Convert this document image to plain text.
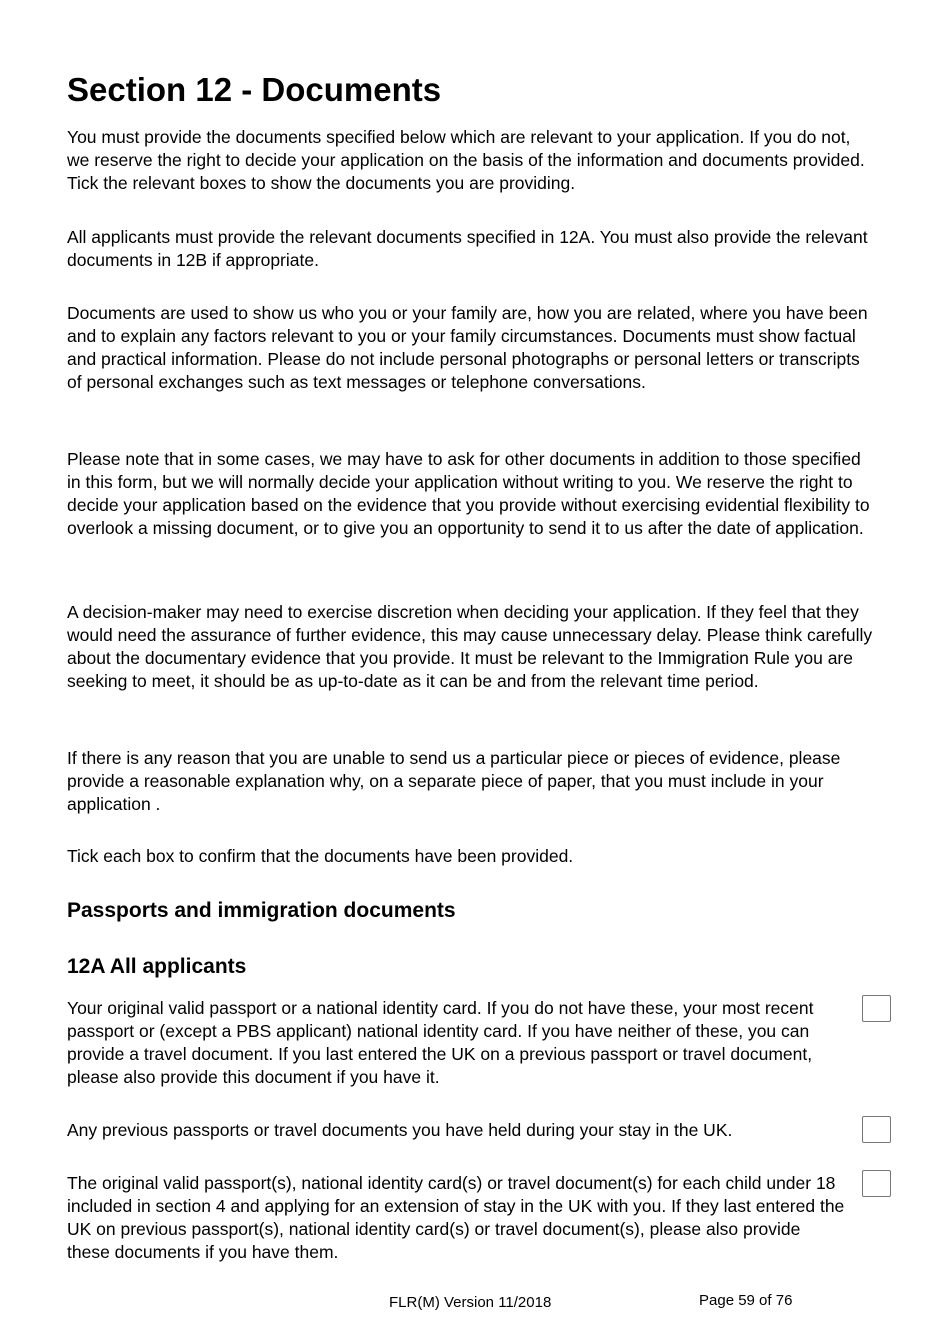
Section 12 - Documents

You must provide the documents specified below which are relevant to your application. If you do not, we reserve the right to decide your application on the basis of the information and documents provided. Tick the relevant boxes to show the documents you are providing.

All applicants must provide the relevant documents specified in 12A. You must also provide the relevant documents in 12B if appropriate.

Documents are used to show us who you or your family are, how you are related, where you have been and to explain any factors relevant to you or your family circumstances. Documents must show factual and practical information. Please do not include personal photographs or personal letters or transcripts of personal exchanges such as text messages or telephone conversations.

Please note that in some cases, we may have to ask for other documents in addition to those specified in this form, but we will normally decide your application without writing to you. We reserve the right to decide your application based on the evidence that you provide without exercising evidential flexibility to overlook a missing document, or to give you an opportunity to send it to us after the date of application.

A decision-maker may need to exercise discretion when deciding your application. If they feel that they would need the assurance of further evidence, this may cause unnecessary delay. Please think carefully about the documentary evidence that you provide. It must be relevant to the Immigration Rule you are seeking to meet, it should be as up-to-date as it can be and from the relevant time period.

If there is any reason that you are unable to send us a particular piece or pieces of evidence, please provide a reasonable explanation why, on a separate piece of paper, that you must include in your application .

Tick each box to confirm that the documents have been provided.

Passports and immigration documents
12A All applicants

Your original valid passport or a national identity card. If you do not have these, your most recent passport or (except a PBS applicant) national identity card. If you have neither of these, you can provide a travel document. If you last entered the UK on a previous passport or travel document, please also provide this document if you have it.

Any previous passports or travel documents you have held during your stay in the UK.

The original valid passport(s), national identity card(s) or travel document(s) for each child under 18 included in section 4 and applying for an extension of stay in the UK with you. If they last entered the UK on previous passport(s), national identity card(s) or travel document(s), please also provide these documents if you have them.

FLR(M) Version 11/2018	Page 59 of 76
